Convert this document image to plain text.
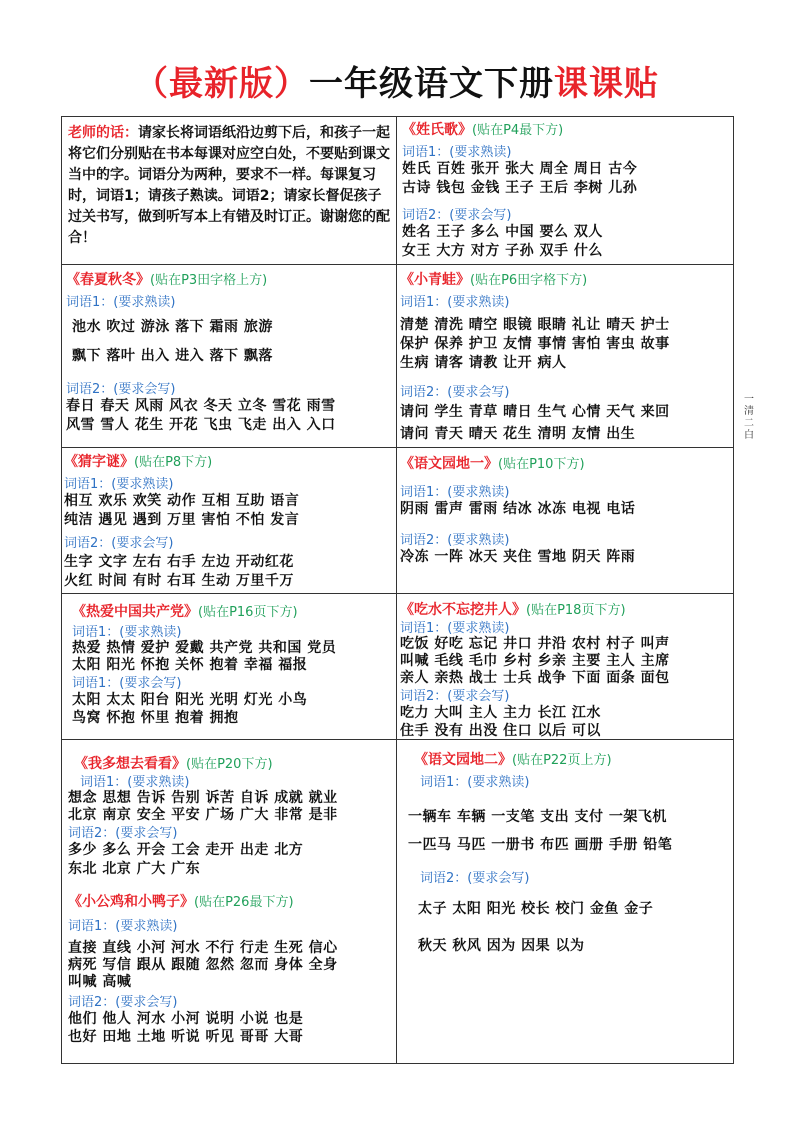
（最新版）一年级语文下册课课贴
老师的话：请家长将词语纸沿边剪下后，和孩子一起将它们分别贴在书本每课对应空白处，不要贴到课文当中的字。词语分为两种，要求不一样。每课复习时，词语1；请孩子熟读。词语2；请家长督促孩子过关书写，做到听写本上有错及时订正。谢谢您的配合！
《姓氏歌》(贴在P4最下方)
词语1：(要求熟读)
姓氏 百姓 张开 张大 周全 周日 古今
古诗 钱包 金钱 王子 王后 李树 儿孙
词语2：(要求会写)
姓名 王子 多么 中国 要么 双人
女王 大方 对方 子孙 双手 什么
《春夏秋冬》(贴在P3田字格上方)
词语1：(要求熟读)
池水 吹过 游泳 落下 霜雨 旅游
飘下 落叶 出入 进入 落下 飘落
词语2：(要求会写)
春日 春天 风雨 风衣 冬天 立冬 雪花 雨雪
风雪 雪人 花生 开花 飞虫 飞走 出入 入口
《小青蛙》(贴在P6田字格下方)
词语1：(要求熟读)
清楚 清洗 晴空 眼镜 眼睛 礼让 晴天 护士
保护 保养 护卫 友情 事情 害怕 害虫 故事
生病 请客 请教 让开 病人
词语2：(要求会写)
请问 学生 青草 晴日 生气 心情 天气 来回
请问 青天 晴天 花生 清明 友情 出生
《猜字谜》(贴在P8下方)
词语1：(要求熟读)
相互 欢乐 欢笑 动作 互相 互助 语言
纯洁 遇见 遇到 万里 害怕 不怕 发言
词语2：(要求会写)
生字 文字 左右 右手 左边 开动红花
火红 时间 有时 右耳 生动 万里千万
《语文园地一》(贴在P10下方)
词语1：(要求熟读)
阴雨 雷声 雷雨 结冰 冰冻 电视 电话
词语2：(要求熟读)
冷冻 一阵 冰天 夹住 雪地 阴天 阵雨
《热爱中国共产党》(贴在P16页下方)
词语1：(要求熟读)
热爱 热情 爱护 爱戴 共产党 共和国 党员
太阳 阳光 怀抱 关怀 抱着 幸福 福报
词语1：(要求会写)
太阳 太太 阳台 阳光 光明 灯光 小鸟
鸟窝 怀抱 怀里 抱着 拥抱
《吃水不忘挖井人》(贴在P18页下方)
词语1：(要求熟读)
吃饭 好吃 忘记 井口 井沿 农村 村子 叫声
叫喊 毛线 毛巾 乡村 乡亲 主要 主人 主席
亲人 亲热 战士 士兵 战争 下面 面条 面包
词语2：(要求会写)
吃力 大叫 主人 主力 长江 江水
住手 没有 出没 住口 以后 可以
《我多想去看看》(贴在P20下方)
词语1：(要求熟读)
想念 思想 告诉 告别 诉苦 自诉 成就 就业
北京 南京 安全 平安 广场 广大 非常 是非
词语2：(要求会写)
多少 多么 开会 工会 走开 出走 北方
东北 北京 广大 广东
《小公鸡和小鸭子》(贴在P26最下方)
词语1：(要求熟读)
直接 直线 小河 河水 不行 行走 生死 信心
病死 写信 跟从 跟随 忽然 忽而 身体 全身
叫喊 高喊
词语2：(要求会写)
他们 他人 河水 小河 说明 小说 也是
也好 田地 土地 听说 听见 哥哥 大哥
《语文园地二》(贴在P22页上方)
词语1：(要求熟读)
一辆车 车辆 一支笔 支出 支付 一架飞机
一匹马 马匹 一册书 布匹 画册 手册 铅笔
词语2：(要求会写)
太子 太阳 阳光 校长 校门 金鱼 金子
秋天 秋风 因为 因果 以为
一
清
二
白
